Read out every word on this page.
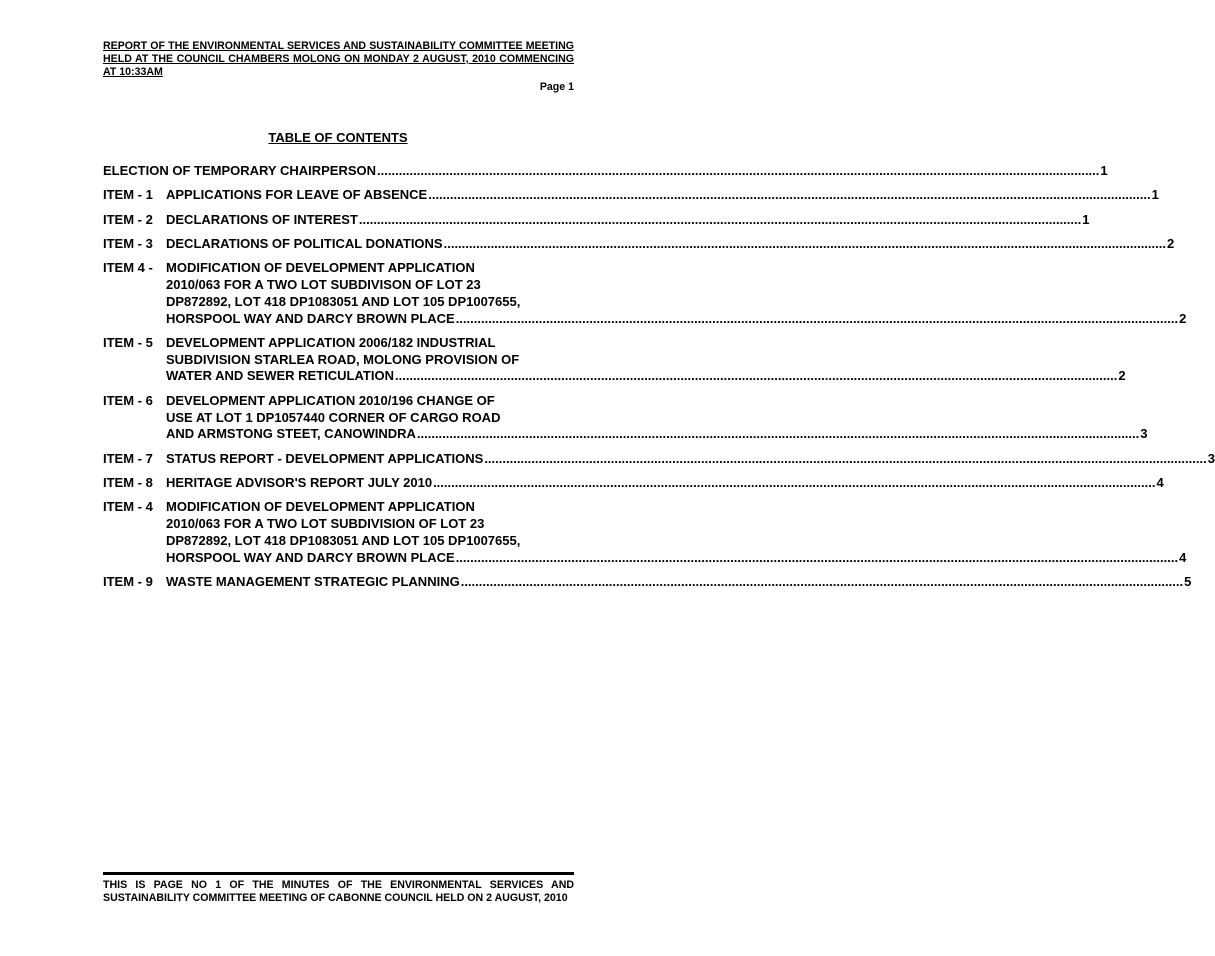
REPORT OF THE ENVIRONMENTAL SERVICES AND SUSTAINABILITY COMMITTEE MEETING HELD AT THE COUNCIL CHAMBERS MOLONG ON MONDAY 2 AUGUST, 2010 COMMENCING AT 10:33AM
Page 1
TABLE OF CONTENTS
ELECTION OF TEMPORARY CHAIRPERSON ........................................................................................................................................................................................................ 1
ITEM - 1 APPLICATIONS FOR LEAVE OF ABSENCE ........................................................................................................................................................................................................ 1
ITEM - 2 DECLARATIONS OF INTEREST ........................................................................................................................................................................................................ 1
ITEM - 3 DECLARATIONS OF POLITICAL DONATIONS ........................................................................................................................................................................................................ 2
ITEM 4 - MODIFICATION OF DEVELOPMENT APPLICATION
2010/063 FOR A TWO LOT SUBDIVISON OF LOT 23
DP872892, LOT 418 DP1083051 AND LOT 105 DP1007655,
HORSPOOL WAY AND DARCY BROWN PLACE ........................................................................................................................................................................................................ 2
ITEM - 5 DEVELOPMENT APPLICATION 2006/182 INDUSTRIAL
SUBDIVISION STARLEA ROAD, MOLONG PROVISION OF
WATER AND SEWER RETICULATION ........................................................................................................................................................................................................ 2
ITEM - 6 DEVELOPMENT APPLICATION 2010/196 CHANGE OF
USE AT LOT 1 DP1057440 CORNER OF CARGO ROAD
AND ARMSTONG STEET, CANOWINDRA ........................................................................................................................................................................................................ 3
ITEM - 7 STATUS REPORT - DEVELOPMENT APPLICATIONS ........................................................................................................................................................................................................ 3
ITEM - 8 HERITAGE ADVISOR'S REPORT JULY 2010 ........................................................................................................................................................................................................ 4
ITEM - 4 MODIFICATION OF DEVELOPMENT APPLICATION
2010/063 FOR A TWO LOT SUBDIVISION OF LOT 23
DP872892, LOT 418 DP1083051 AND LOT 105 DP1007655,
HORSPOOL WAY AND DARCY BROWN PLACE ........................................................................................................................................................................................................ 4
ITEM - 9 WASTE MANAGEMENT STRATEGIC PLANNING ........................................................................................................................................................................................................ 5
THIS IS PAGE NO 1 OF THE MINUTES OF THE ENVIRONMENTAL SERVICES AND SUSTAINABILITY COMMITTEE MEETING OF CABONNE COUNCIL HELD ON 2 AUGUST, 2010
